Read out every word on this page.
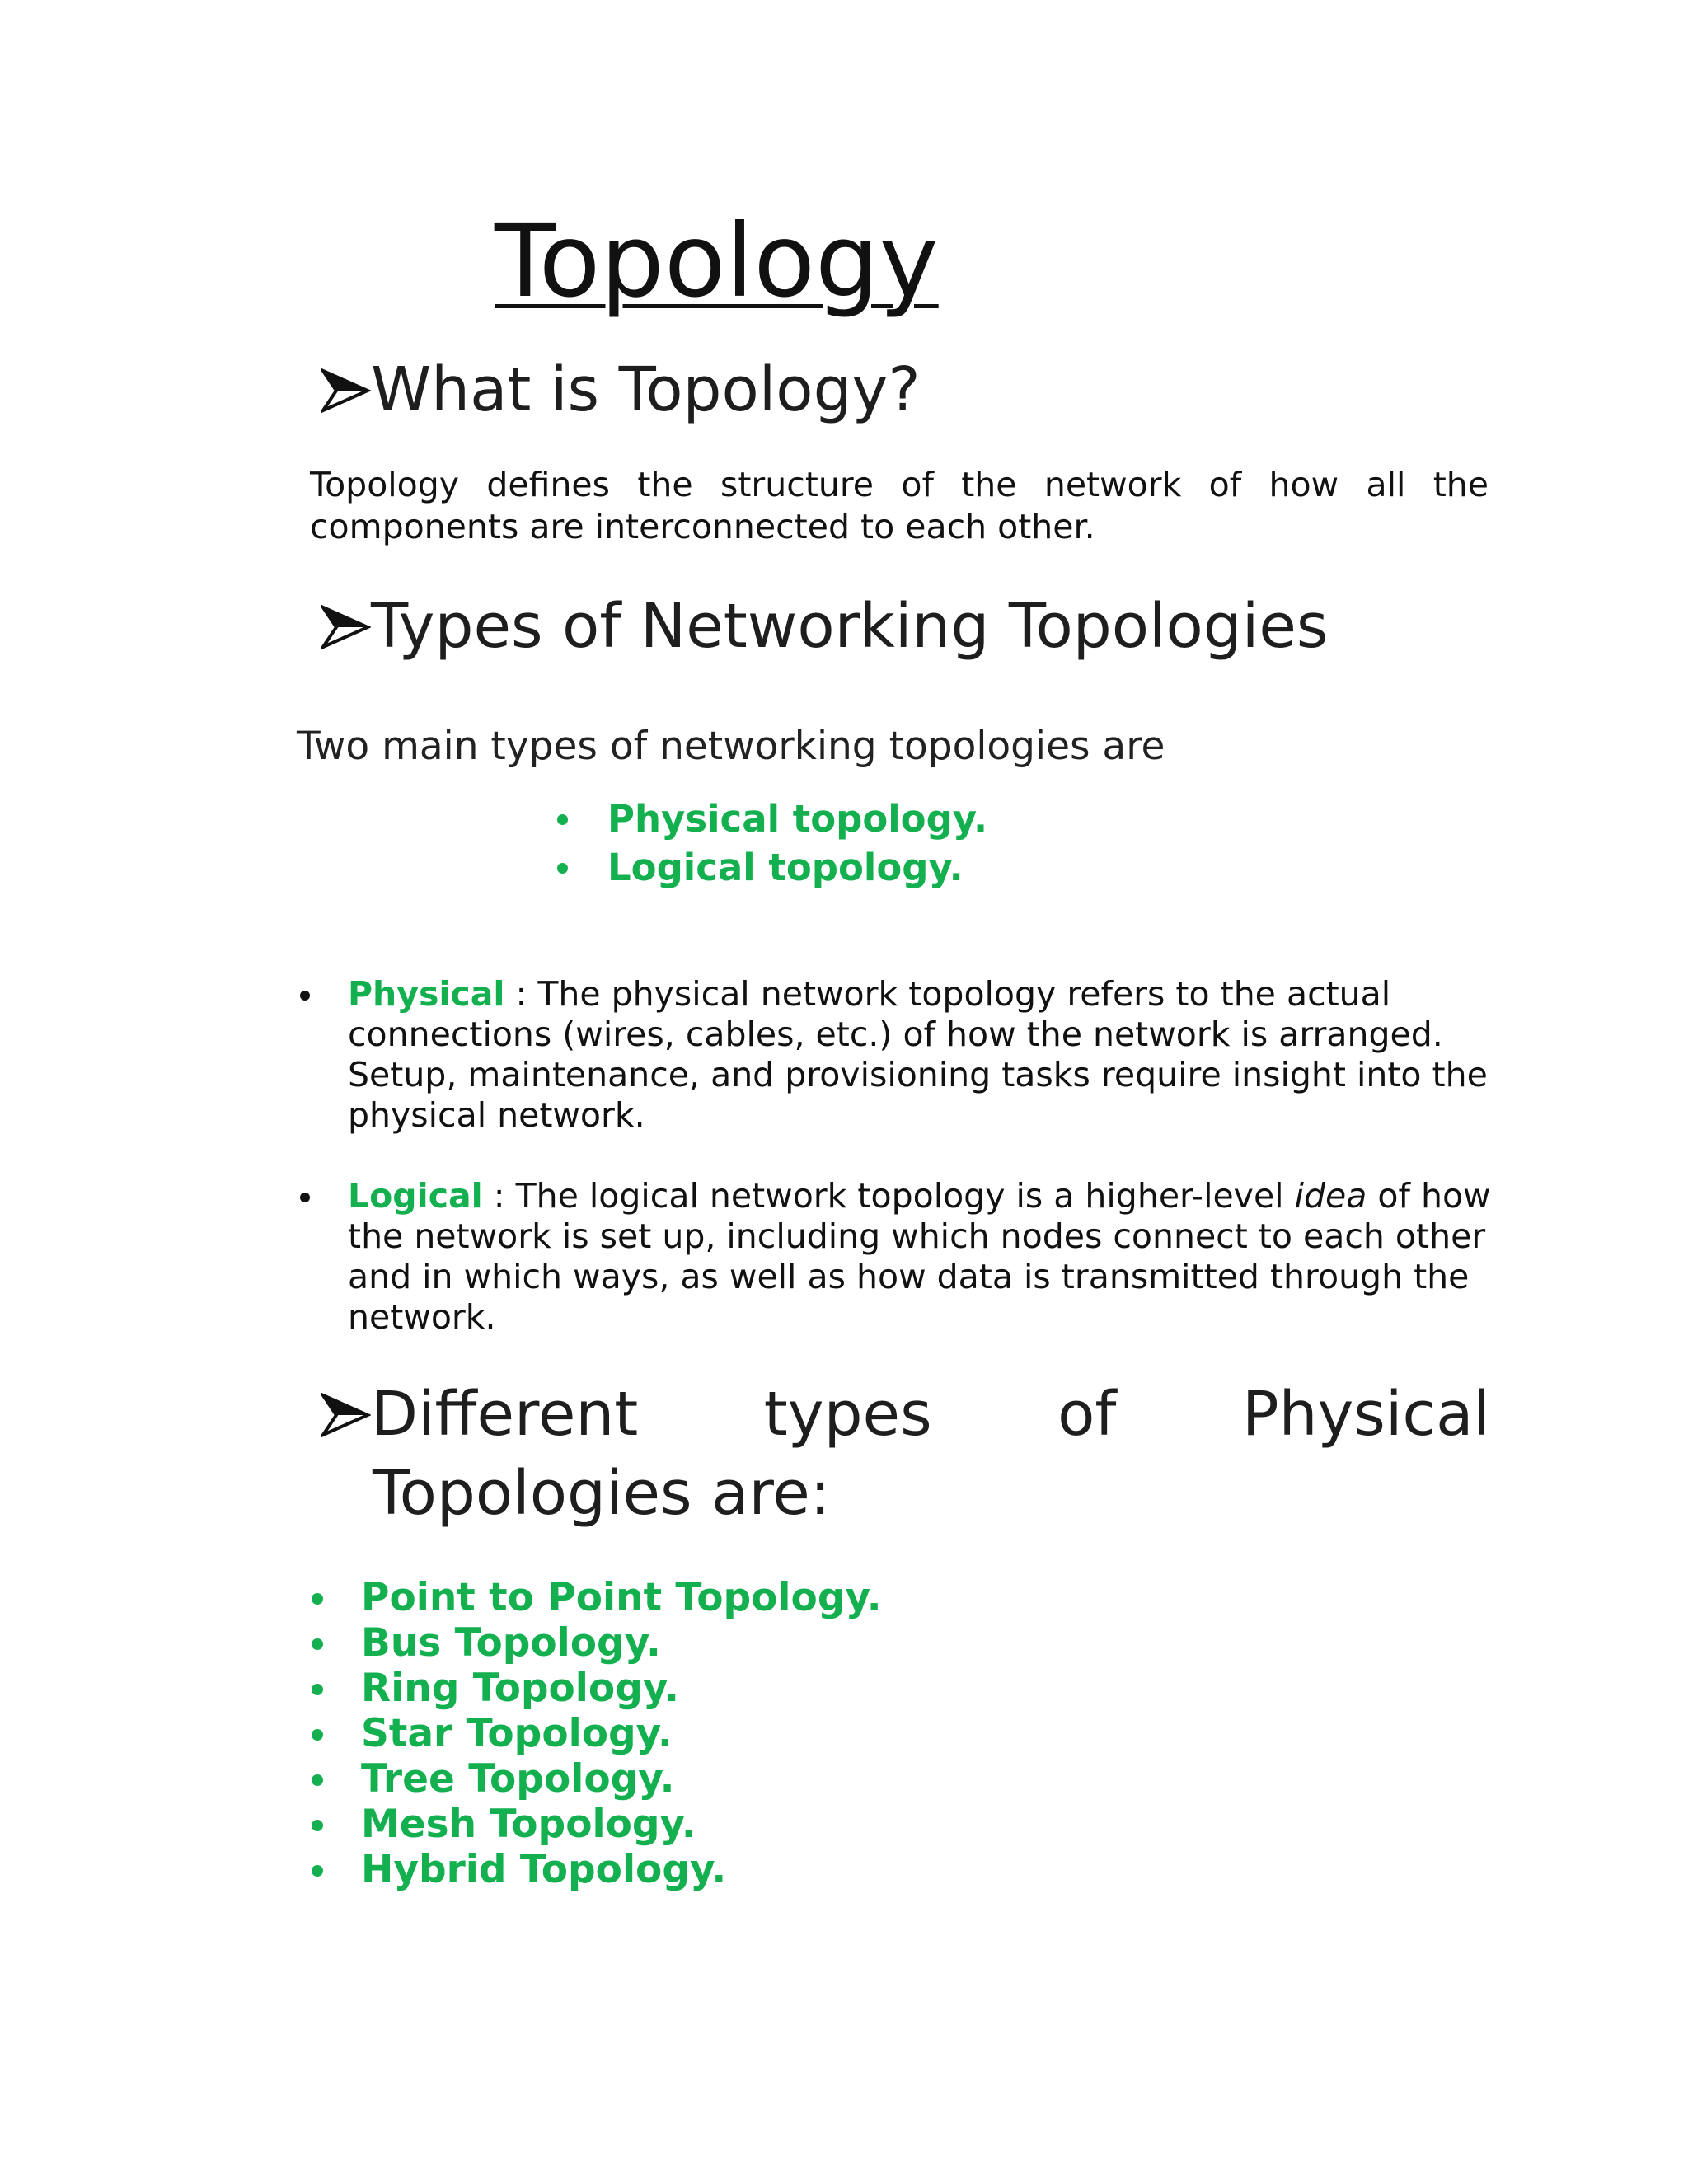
Topology
What is Topology?

Topology defines the structure of the network of how all the components are interconnected to each other.

Types of Networking Topologies

Two main types of networking topologies are

Physical topology.
Logical topology.
Physical : The physical network topology refers to the actual connections (wires, cables, etc.) of how the network is arranged. Setup, maintenance, and provisioning tasks require insight into the physical network.
Logical : The logical network topology is a higher-level idea of how the network is set up, including which nodes connect to each other and in which ways, as well as how data is transmitted through the network.
Different types of Physical
Topologies are:
Point to Point Topology.
Bus Topology.
Ring Topology.
Star Topology.
Tree Topology.
Mesh Topology.
Hybrid Topology.
